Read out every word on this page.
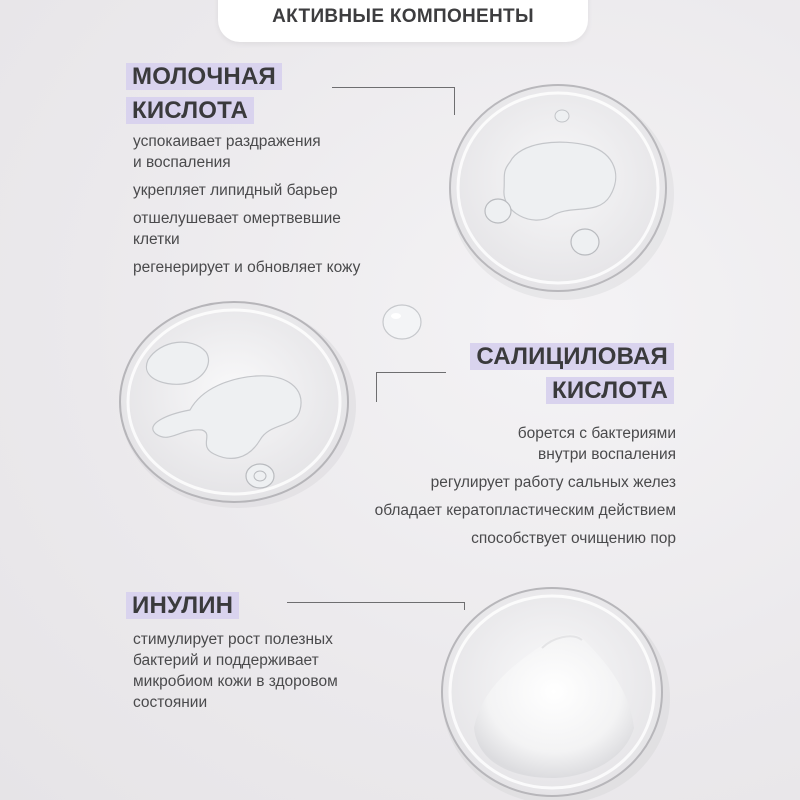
АКТИВНЫЕ КОМПОНЕНТЫ
МОЛОЧНАЯ
КИСЛОТА

успокаивает раздражения
и воспаления

укрепляет липидный барьер

отшелушевает омертвевшие
клетки

регенерирует и обновляет кожу

САЛИЦИЛОВАЯ
КИСЛОТА

борется с бактериями
внутри воспаления

регулирует работу сальных желез

обладает кератопластическим действием

способствует очищению пор

ИНУЛИН

стимулирует рост полезных
бактерий и поддерживает
микробиом кожи в здоровом
состоянии
